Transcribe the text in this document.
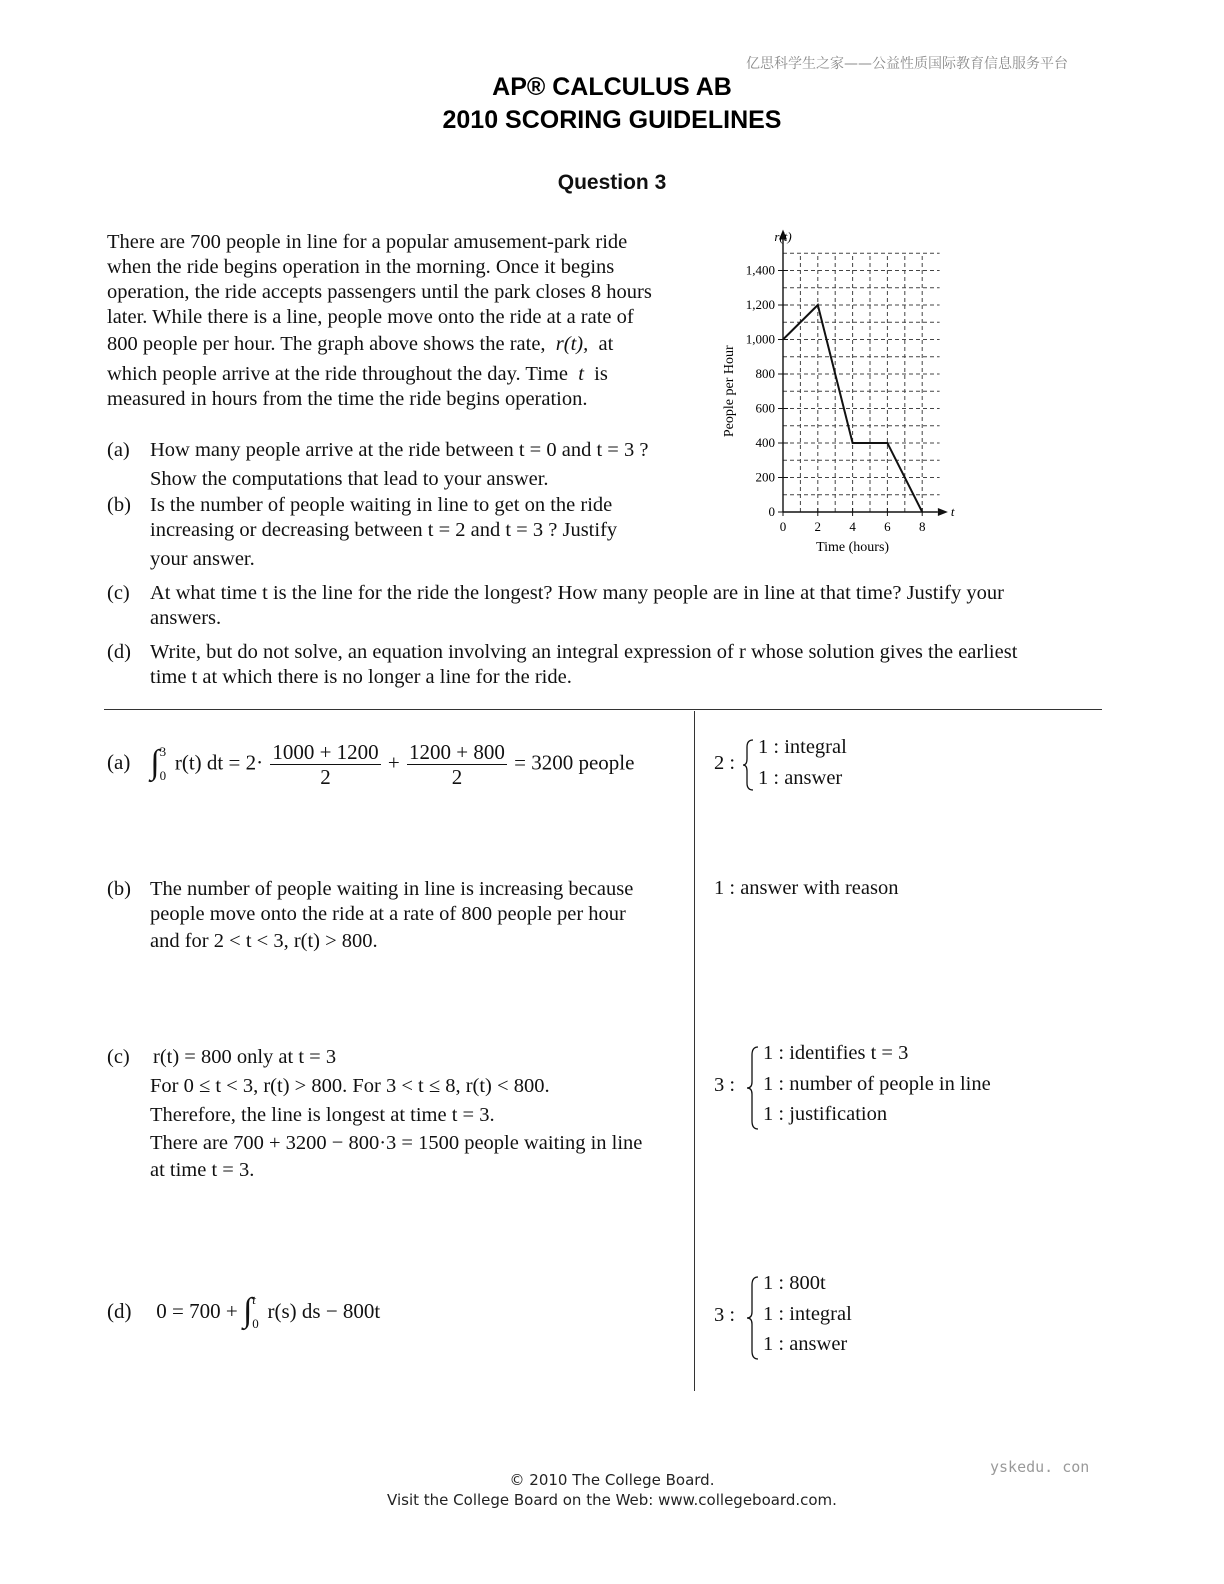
亿思科学生之家——公益性质国际教育信息服务平台
AP® CALCULUS AB
2010 SCORING GUIDELINES
Question 3
There are 700 people in line for a popular amusement-park ride
when the ride begins operation in the morning. Once it begins
operation, the ride accepts passengers until the park closes 8 hours
later. While there is a line, people move onto the ride at a rate of
800 people per hour. The graph above shows the rate, r(t), at
which people arrive at the ride throughout the day. Time t is
measured in hours from the time the ride begins operation.
(a) How many people arrive at the ride between t = 0 and t = 3 ?
Show the computations that lead to your answer.
(b) Is the number of people waiting in line to get on the ride
increasing or decreasing between t = 2 and t = 3 ? Justify
your answer.
(c) At what time t is the line for the ride the longest? How many people are in line at that time? Justify your
answers.
(d) Write, but do not solve, an equation involving an integral expression of r whose solution gives the earliest
time t at which there is no longer a line for the ride.
0
200
400
600
800
1,000
1,200
1,400
0 2 4 6 8
r(t)
Time (hours)
People per Hour
t
(a) ∫ 3
0
r(t) dt = $2\cdot \frac{1000 + 1200}{2} + \frac{1200 + 800}{2} = 3200$ people	2 :
1 : integral
1 : answer
(b) The number of people waiting in line is increasing because
people move onto the ride at a rate of 800 people per hour
and for 2 < t < 3, r(t) > 800.
1 : answer with reason
(c) r(t) = 800 only at t = 3
For 0 ≤ t < 3, r(t) > 800. For 3 < t ≤ 8, r(t) < 800.
Therefore, the line is longest at time t = 3.
There are 700 + 3200 − 800·3 = 1500 people waiting in line
at time t = 3.
3 :
1 : identifies t = 3
1 : number of people in line
1 : justification
(d) 0 = 700 + ∫ t
0
r(s) ds − 800t	3 :
1 : 800t
1 : integral
1 : answer
yskedu. con
© 2010 The College Board.
Visit the College Board on the Web: www.collegeboard.com.
